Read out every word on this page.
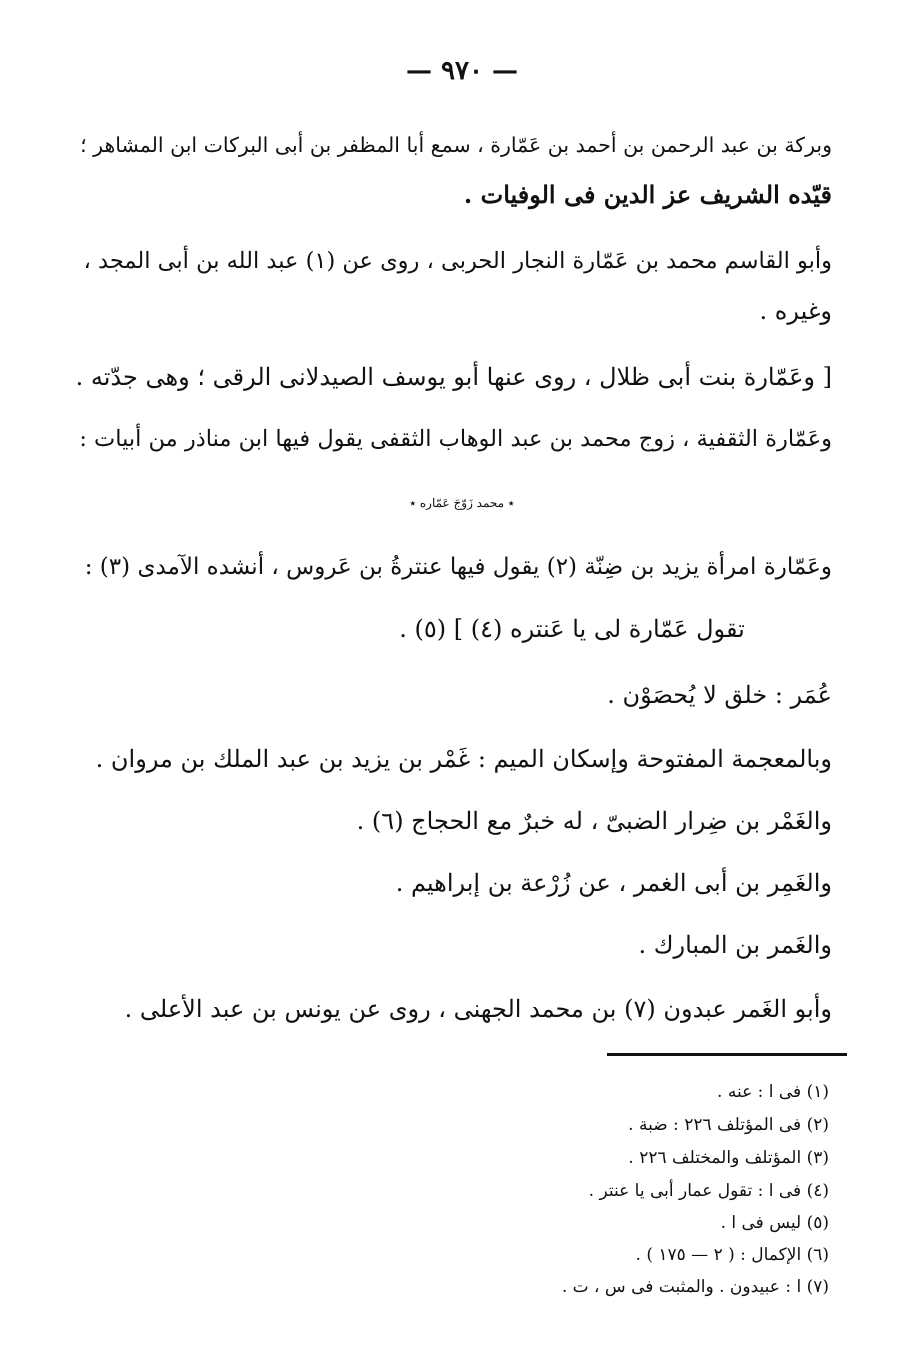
— ٩٧٠ —
وبركة بن عبد الرحمن بن أحمد بن عَمّارة ، سمع أبا المظفر بن أبى البركات ابن المشاهر ؛
قيّده الشريف عز الدين فى الوفيات .
وأبو القاسم محمد بن عَمّارة النجار الحربى ، روى عن (١) عبد الله بن أبى المجد ،
وغيره .
[ وعَمّارة بنت أبى ظلال ، روى عنها أبو يوسف الصيدلانى الرقى ؛ وهى جدّته .
وعَمّارة الثقفية ، زوج محمد بن عبد الوهاب الثقفى يقول فيها ابن مناذر من أبيات :
٭ محمد زَوّجَ عَمّاره ٭
وعَمّارة امرأة يزيد بن ضِنّة (٢) يقول فيها عنترةُ بن عَروس ، أنشده الآمدى (٣) :
تقول عَمّارة لى يا عَنتره (٤) ] (٥) .
عُمَر : خلق لا يُحصَوْن .
وبالمعجمة المفتوحة وإسكان الميم : غَمْر بن يزيد بن عبد الملك بن مروان .
والغَمْر بن ضِرار الضبىّ ، له خبرٌ مع الحجاج (٦) .
والغَمِر بن أبى الغمر ، عن زُرْعة بن إبراهيم .
والغَمر بن المبارك .
وأبو الغَمر عبدون (٧) بن محمد الجهنى ، روى عن يونس بن عبد الأعلى .
(١) فى ا : عنه .
(٢) فى المؤتلف ٢٢٦ : ضبة .
(٣) المؤتلف والمختلف ٢٢٦ .
(٤) فى ا : تقول عمار أبى يا عنتر .
(٥) ليس فى ا .
(٦) الإكمال : ( ٢ — ١٧٥ ) .
(٧) ا : عبيدون . والمثبت فى س ، ت .
